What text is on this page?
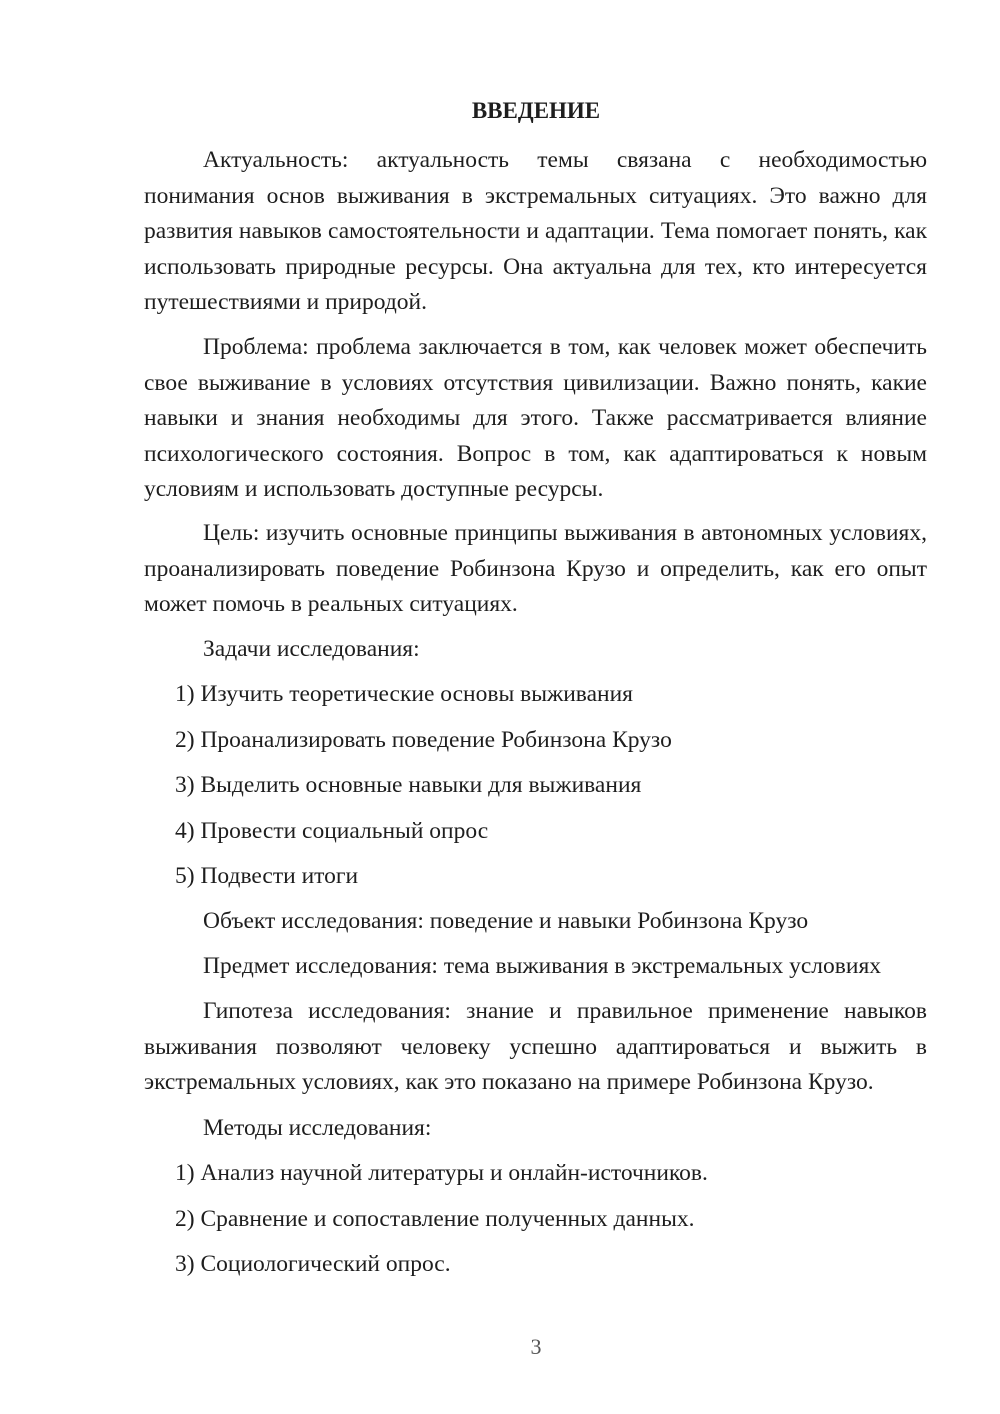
ВВЕДЕНИЕ

Актуальность: актуальность темы связана с необходимостью понимания основ выживания в экстремальных ситуациях. Это важно для развития навыков самостоятельности и адаптации. Тема помогает понять, как использовать природные ресурсы. Она актуальна для тех, кто интересуется путешествиями и природой.

Проблема: проблема заключается в том, как человек может обеспечить свое выживание в условиях отсутствия цивилизации. Важно понять, какие навыки и знания необходимы для этого. Также рассматривается влияние психологического состояния. Вопрос в том, как адаптироваться к новым условиям и использовать доступные ресурсы.

Цель: изучить основные принципы выживания в автономных условиях, проанализировать поведение Робинзона Крузо и определить, как его опыт может помочь в реальных ситуациях.

Задачи исследования:

1) Изучить теоретические основы выживания

2) Проанализировать поведение Робинзона Крузо

3) Выделить основные навыки для выживания

4) Провести социальный опрос

5) Подвести итоги

Объект исследования: поведение и навыки Робинзона Крузо

Предмет исследования: тема выживания в экстремальных условиях

Гипотеза исследования: знание и правильное применение навыков выживания позволяют человеку успешно адаптироваться и выжить в экстремальных условиях, как это показано на примере Робинзона Крузо.

Методы исследования:

1) Анализ научной литературы и онлайн-источников.

2) Сравнение и сопоставление полученных данных.

3) Социологический опрос.

3
